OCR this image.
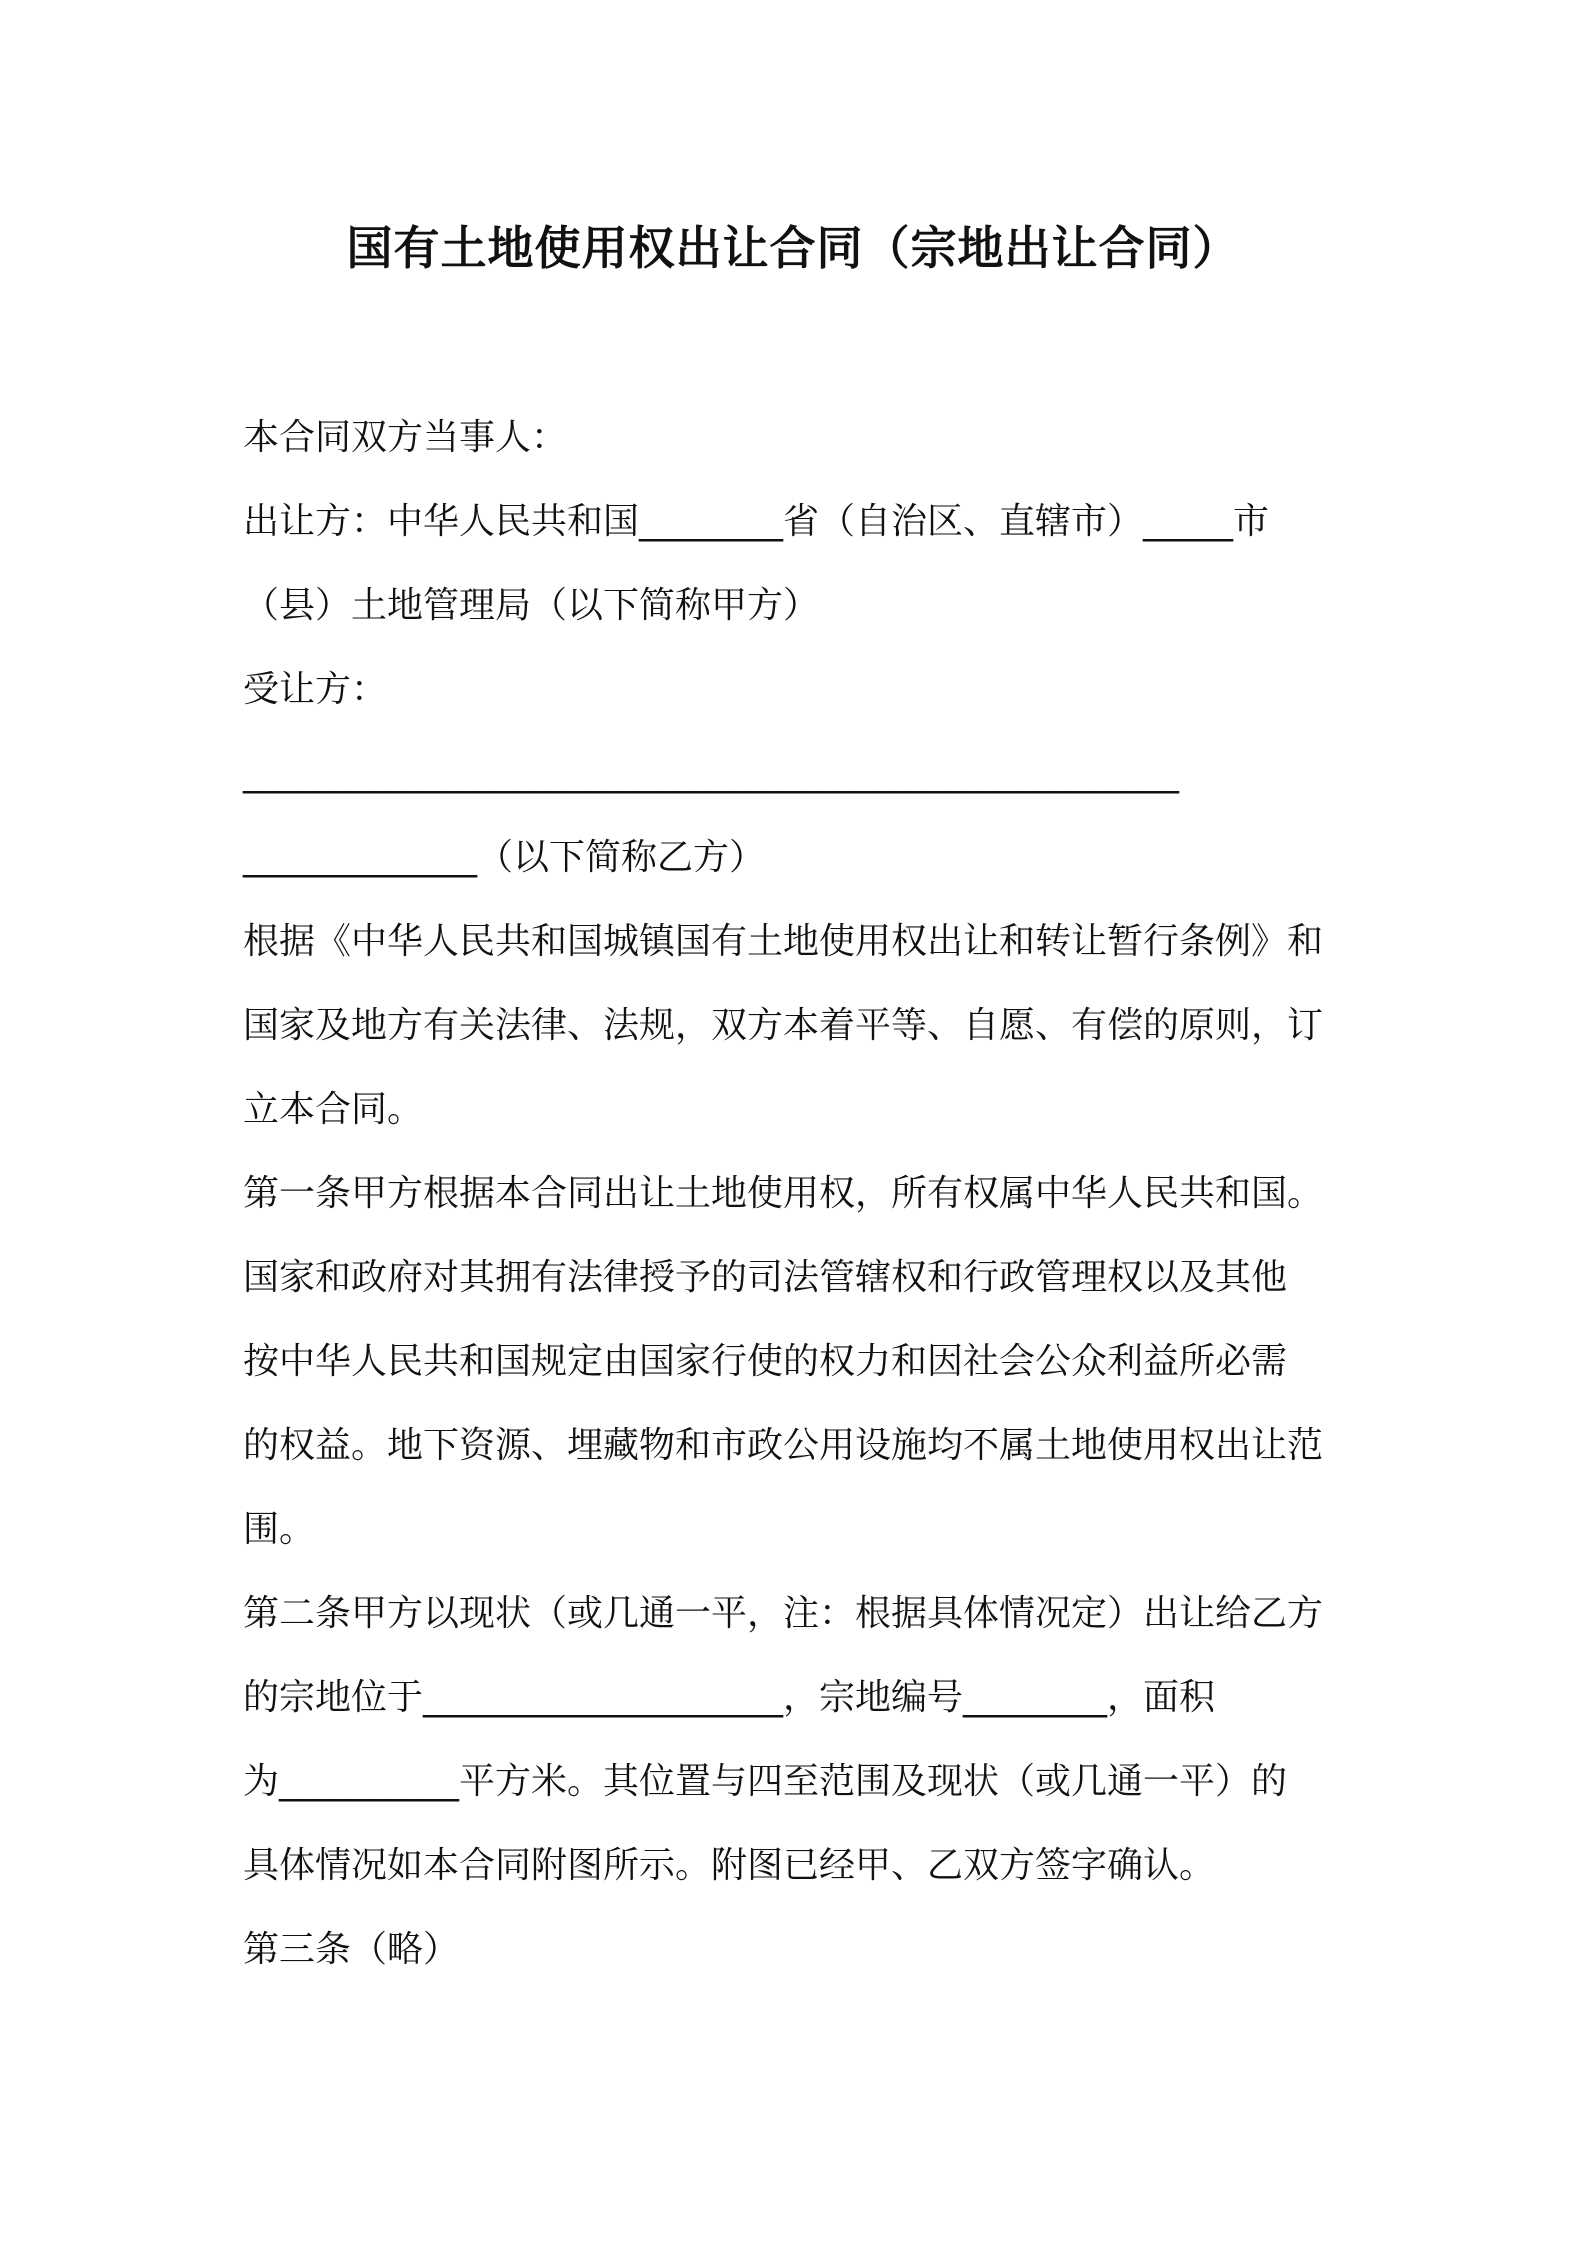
国有土地使用权出让合同（宗地出让合同）
本合同双方当事人：
出让方：中华人民共和国________省（自治区、直辖市）_____市
（县）土地管理局（以下简称甲方）
受让方：
____________________________________________________
_____________（以下简称乙方）
根据《中华人民共和国城镇国有土地使用权出让和转让暂行条例》和
国家及地方有关法律、法规，双方本着平等、自愿、有偿的原则，订
立本合同。
第一条甲方根据本合同出让土地使用权，所有权属中华人民共和国。
国家和政府对其拥有法律授予的司法管辖权和行政管理权以及其他
按中华人民共和国规定由国家行使的权力和因社会公众利益所必需
的权益。地下资源、埋藏物和市政公用设施均不属土地使用权出让范
围。
第二条甲方以现状（或几通一平，注：根据具体情况定）出让给乙方
的宗地位于____________________，宗地编号________，面积
为__________平方米。其位置与四至范围及现状（或几通一平）的
具体情况如本合同附图所示。附图已经甲、乙双方签字确认。
第三条（略）
